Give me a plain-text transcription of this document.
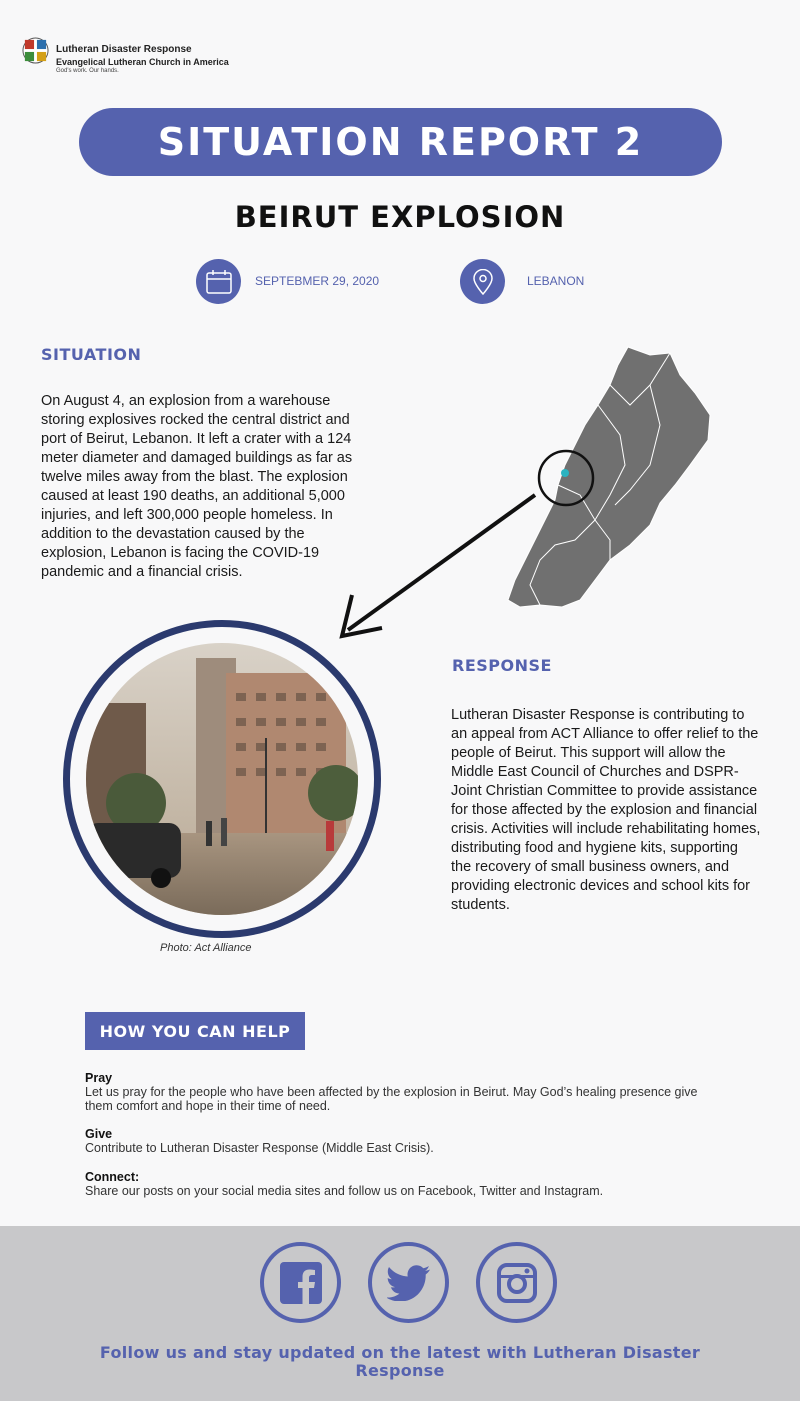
Lutheran Disaster Response
Evangelical Lutheran Church in America
God's work. Our hands.
SITUATION REPORT 2
BEIRUT EXPLOSION
SEPTEBMER 29, 2020	LEBANON
SITUATION
On August 4, an explosion from a warehouse storing explosives rocked the central district and port of Beirut, Lebanon. It left a crater with a 124 meter diameter and damaged buildings as far as twelve miles away from the blast. The explosion caused at least 190 deaths, an additional 5,000 injuries, and left 300,000 people homeless. In addition to the devastation caused by the explosion, Lebanon is facing the COVID-19 pandemic and a financial crisis.
Photo: Act Alliance
RESPONSE
Lutheran Disaster Response is contributing to an appeal from ACT Alliance to offer relief to the people of Beirut. This support will allow the Middle East Council of Churches and DSPR-Joint Christian Committee to provide assistance for those affected by the explosion and financial crisis. Activities will include rehabilitating homes, distributing food and hygiene kits, supporting the recovery of small business owners, and providing electronic devices and school kits for students.
HOW YOU CAN HELP
Pray
Let us pray for the people who have been affected by the explosion in Beirut. May God’s healing presence give them comfort and hope in their time of need.
Give
Contribute to Lutheran Disaster Response (Middle East Crisis).
Connect:
Share our posts on your social media sites and follow us on Facebook, Twitter and Instagram.
Follow us and stay updated on the latest with Lutheran Disaster Response
